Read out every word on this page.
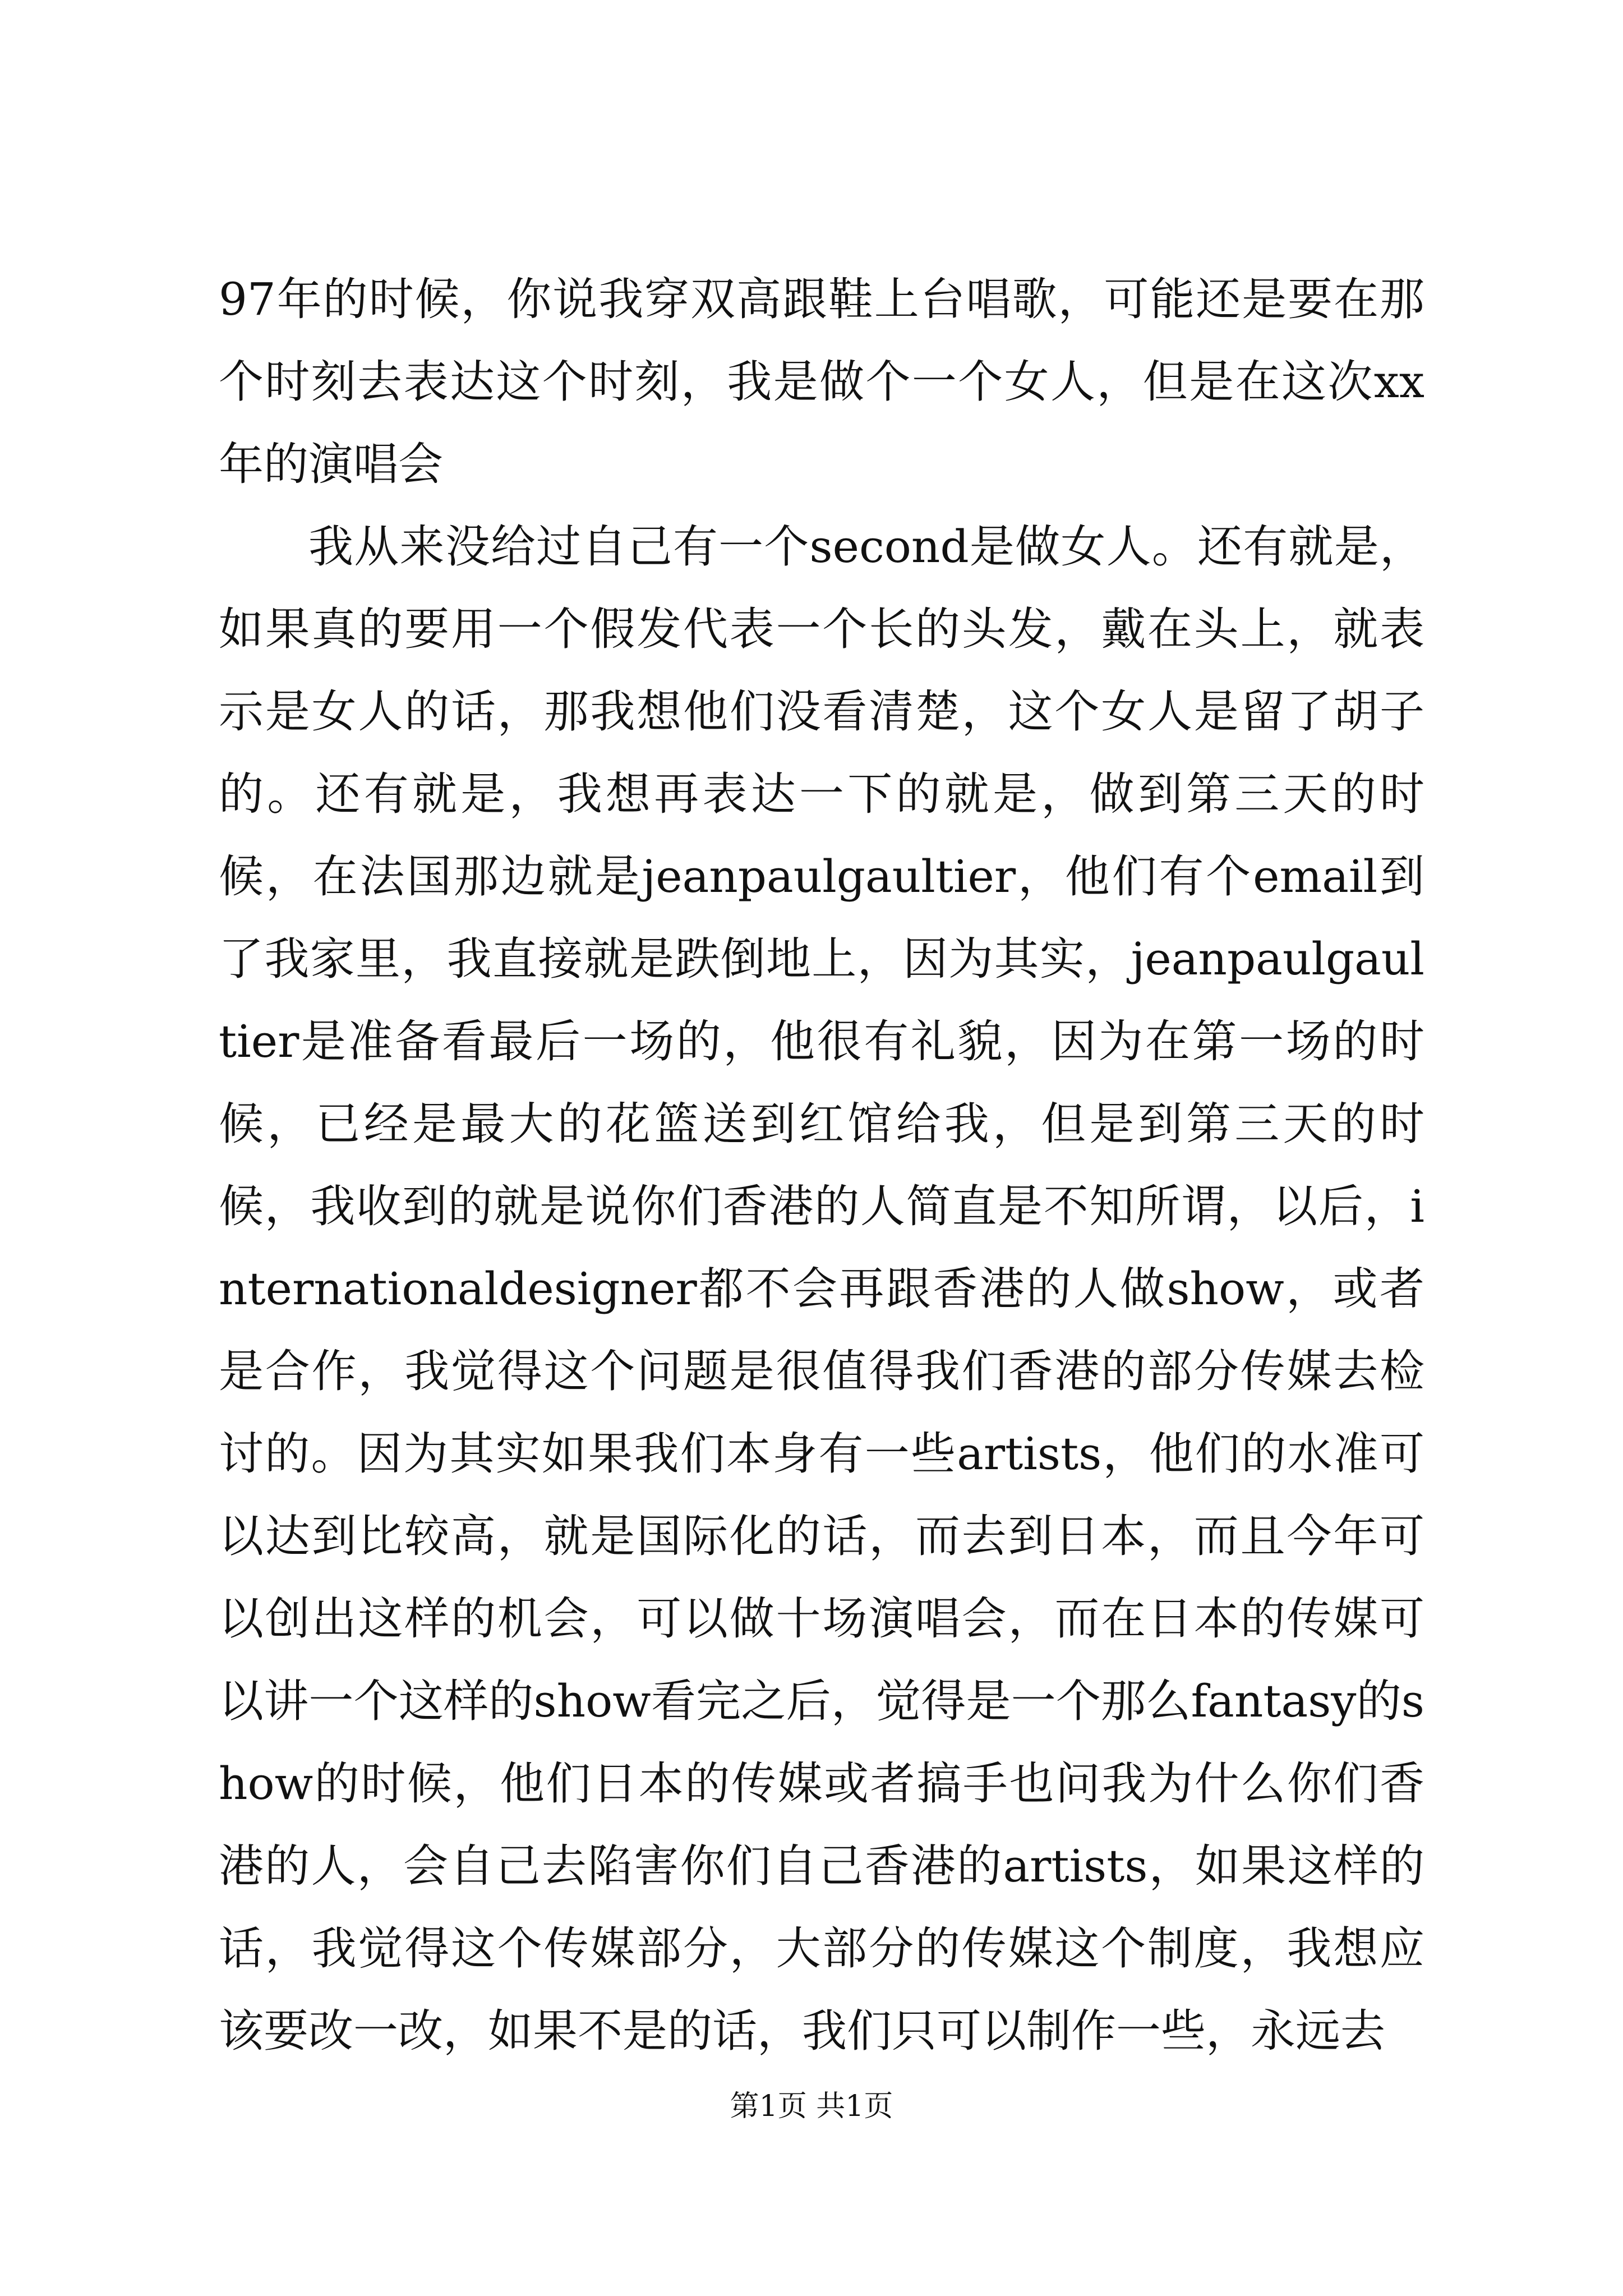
97年的时候，你说我穿双高跟鞋上台唱歌，可能还是要在那个时刻去表达这个时刻，我是做个一个女人，但是在这次xx年的演唱会

我从来没给过自己有一个second是做女人。还有就是，如果真的要用一个假发代表一个长的头发，戴在头上，就表示是女人的话，那我想他们没看清楚，这个女人是留了胡子的。还有就是，我想再表达一下的就是，做到第三天的时候，在法国那边就是jeanpaulgaultier，他们有个email到了我家里，我直接就是跌倒地上，因为其实，jeanpaulgaultier是准备看最后一场的，他很有礼貌，因为在第一场的时候，已经是最大的花篮送到红馆给我，但是到第三天的时候，我收到的就是说你们香港的人简直是不知所谓，以后，internationaldesigner都不会再跟香港的人做show，或者是合作，我觉得这个问题是很值得我们香港的部分传媒去检讨的。因为其实如果我们本身有一些artists，他们的水准可以达到比较高，就是国际化的话，而去到日本，而且今年可以创出这样的机会，可以做十场演唱会，而在日本的传媒可以讲一个这样的show看完之后，觉得是一个那么fantasy的show的时候，他们日本的传媒或者搞手也问我为什么你们香港的人，会自己去陷害你们自己香港的artists，如果这样的话，我觉得这个传媒部分，大部分的传媒这个制度，我想应该要改一改，如果不是的话，我们只可以制作一些，永远去

第1页 共1页
